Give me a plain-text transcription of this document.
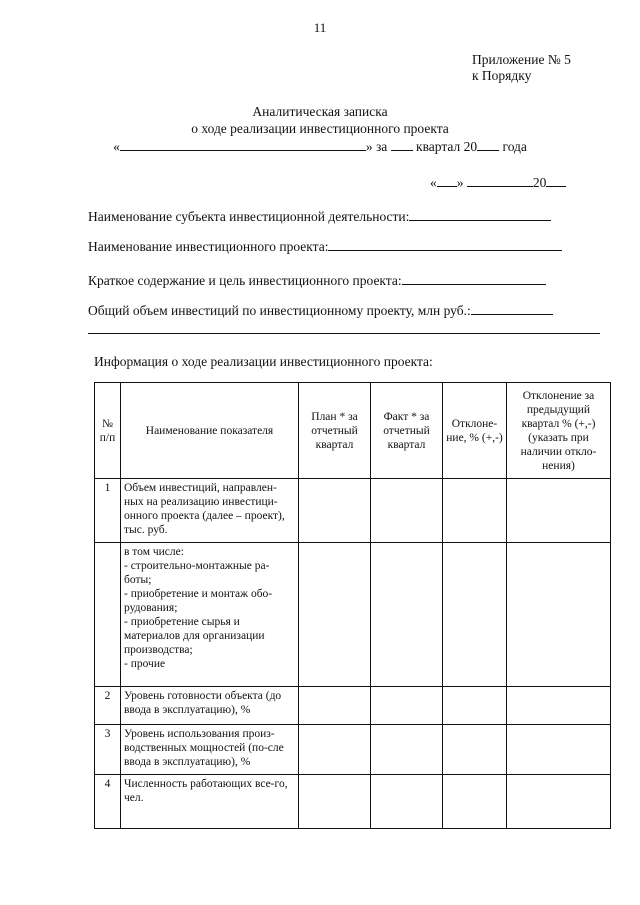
11
Приложение № 5
к Порядку
Аналитическая записка
о ходе реализации инвестиционного проекта
«	» за квартал 20 года
« »	20
Наименование субъекта инвестиционной деятельности:
Наименование инвестиционного проекта:
Краткое содержание и цель инвестиционного проекта:
Общий объем инвестиций по инвестиционному проекту, млн руб.:
Информация о ходе реализации инвестиционного проекта:
№ п/п	Наименование показателя	План * за отчетный квартал	Факт * за отчетный квартал	Отклоне-ние, % (+,-)	Отклонение за предыдущий квартал % (+,-) (указать при наличии откло-нения)
1	Объем инвестиций, направлен-ных на реализацию инвестици-онного проекта (далее – проект), тыс. руб.				
	в том числе:
- строительно-монтажные ра-боты;
- приобретение и монтаж обо-рудования;
- приобретение сырья и материалов для организации производства;
- прочие				
2	Уровень готовности объекта (до ввода в эксплуатацию), %				
3	Уровень использования произ-водственных мощностей (по-сле ввода в эксплуатацию), %				
4	Численность работающих все-го, чел.				
